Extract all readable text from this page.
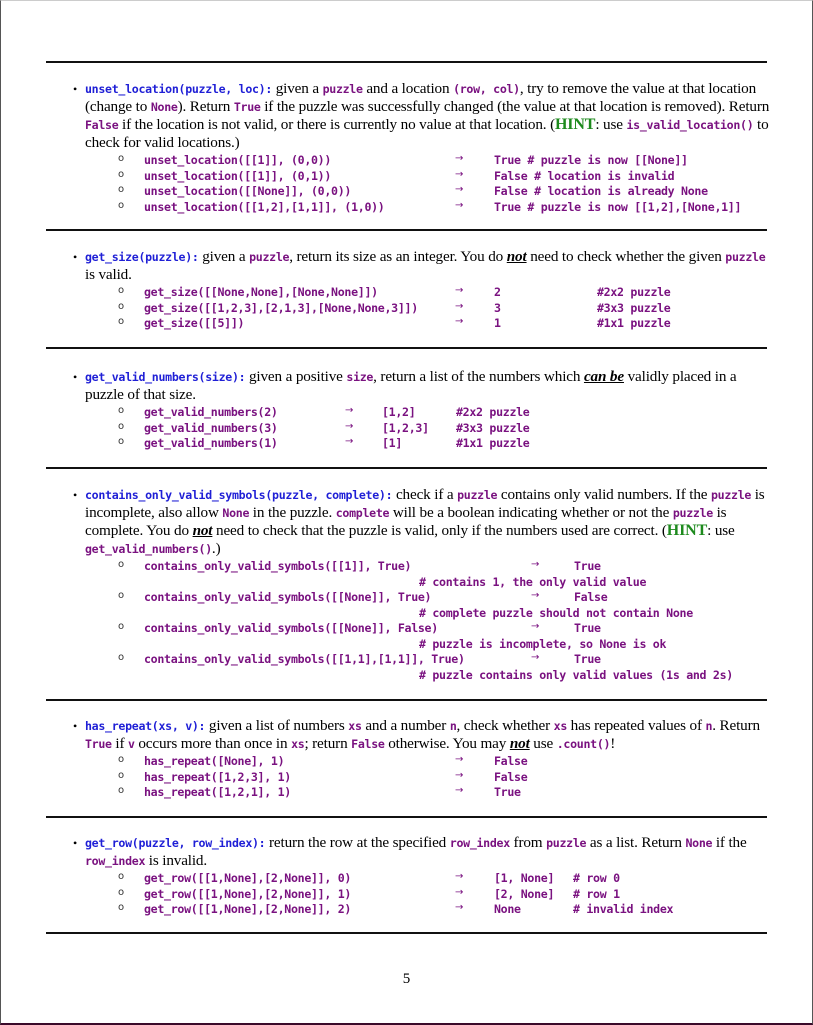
• unset_location(puzzle, loc): given a puzzle and a location (row, col), try to remove the value at that location (change to None). Return True if the puzzle was successfully changed (the value at that location is removed). Return False if the location is not valid, or there is currently no value at that location. (HINT: use is_valid_location() to check for valid locations.)

o unset_location([[1]], (0,0))	→	True # puzzle is now [[None]]
o unset_location([[1]], (0,1))	→	False # location is invalid
o unset_location([[None]], (0,0))	→	False # location is already None
o unset_location([[1,2],[1,1]], (1,0))	→	True # puzzle is now [[1,2],[None,1]]

• get_size(puzzle): given a puzzle, return its size as an integer. You do not need to check whether the given puzzle is valid.

o get_size([[None,None],[None,None]])	→	2	#2x2 puzzle
o get_size([[1,2,3],[2,1,3],[None,None,3]])	→	3	#3x3 puzzle
o get_size([[5]])	→	1	#1x1 puzzle

• get_valid_numbers(size): given a positive size, return a list of the numbers which can be validly placed in a puzzle of that size.

o get_valid_numbers(2)	→ [1,2]	#2x2 puzzle
o get_valid_numbers(3)	→ [1,2,3] #3x3 puzzle
o get_valid_numbers(1)	→ [1]	#1x1 puzzle

• contains_only_valid_symbols(puzzle, complete): check if a puzzle contains only valid numbers. If the puzzle is incomplete, also allow None in the puzzle. complete will be a boolean indicating whether or not the puzzle is complete. You do not need to check that the puzzle is valid, only if the numbers used are correct. (HINT: use get_valid_numbers().)

o contains_only_valid_symbols([[1]], True)	→	True
# contains 1, the only valid value
o contains_only_valid_symbols([[None]], True)	→	False
# complete puzzle should not contain None
o contains_only_valid_symbols([[None]], False)	→	True
# puzzle is incomplete, so None is ok
o contains_only_valid_symbols([[1,1],[1,1]], True)	→	True
# puzzle contains only valid values (1s and 2s)

• has_repeat(xs, v): given a list of numbers xs and a number n, check whether xs has repeated values of n. Return True if v occurs more than once in xs; return False otherwise. You may not use .count()!

o has_repeat([None], 1)	→	False
o has_repeat([1,2,3], 1)	→	False
o has_repeat([1,2,1], 1)	→	True

• get_row(puzzle, row_index): return the row at the specified row_index from puzzle as a list. Return None if the row_index is invalid.

o get_row([[1,None],[2,None]], 0)	→	[1, None] # row 0
o get_row([[1,None],[2,None]], 1)	→	[2, None] # row 1
o get_row([[1,None],[2,None]], 2)	→	None	# invalid index
5
